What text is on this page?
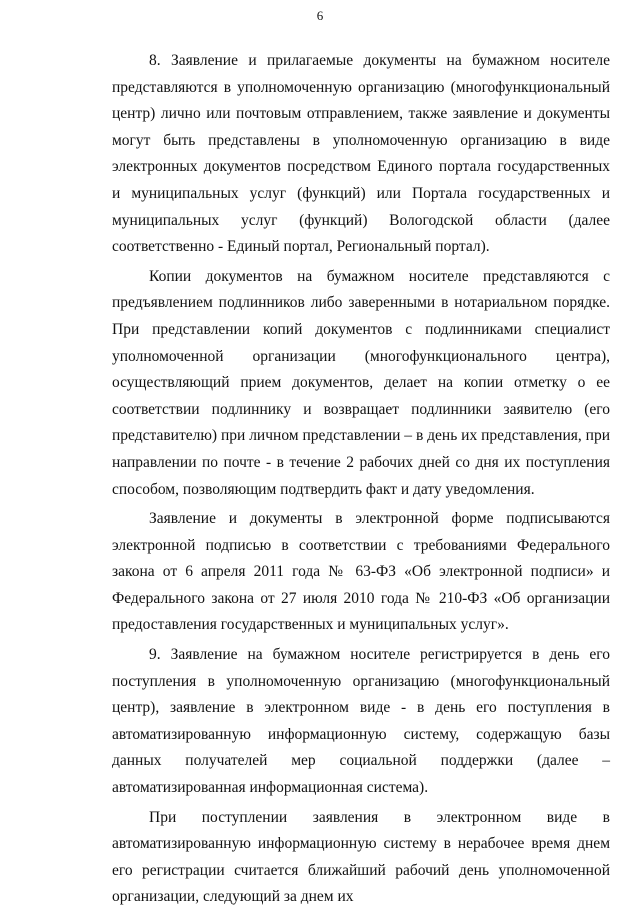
6

8. Заявление и прилагаемые документы на бумажном носителе представляются в уполномоченную организацию (многофункциональный центр) лично или почтовым отправлением, также заявление и документы могут быть представлены в уполномоченную организацию в виде электронных документов посредством Единого портала государственных и муниципальных услуг (функций) или Портала государственных и муниципальных услуг (функций) Вологодской области (далее соответственно - Единый портал, Региональный портал).

Копии документов на бумажном носителе представляются с предъявлением подлинников либо заверенными в нотариальном порядке. При представлении копий документов с подлинниками специалист уполномоченной организации (многофункционального центра), осуществляющий прием документов, делает на копии отметку о ее соответствии подлиннику и возвращает подлинники заявителю (его представителю) при личном представлении – в день их представления, при направлении по почте - в течение 2 рабочих дней со дня их поступления способом, позволяющим подтвердить факт и дату уведомления.

Заявление и документы в электронной форме подписываются электронной подписью в соответствии с требованиями Федерального закона от 6 апреля 2011 года № 63-ФЗ «Об электронной подписи» и Федерального закона от 27 июля 2010 года № 210-ФЗ «Об организации предоставления государственных и муниципальных услуг».

9. Заявление на бумажном носителе регистрируется в день его поступления в уполномоченную организацию (многофункциональный центр), заявление в электронном виде - в день его поступления в автоматизированную информационную систему, содержащую базы данных получателей мер социальной поддержки (далее – автоматизированная информационная система).

При поступлении заявления в электронном виде в автоматизированную информационную систему в нерабочее время днем его регистрации считается ближайший рабочий день уполномоченной организации, следующий за днем их
